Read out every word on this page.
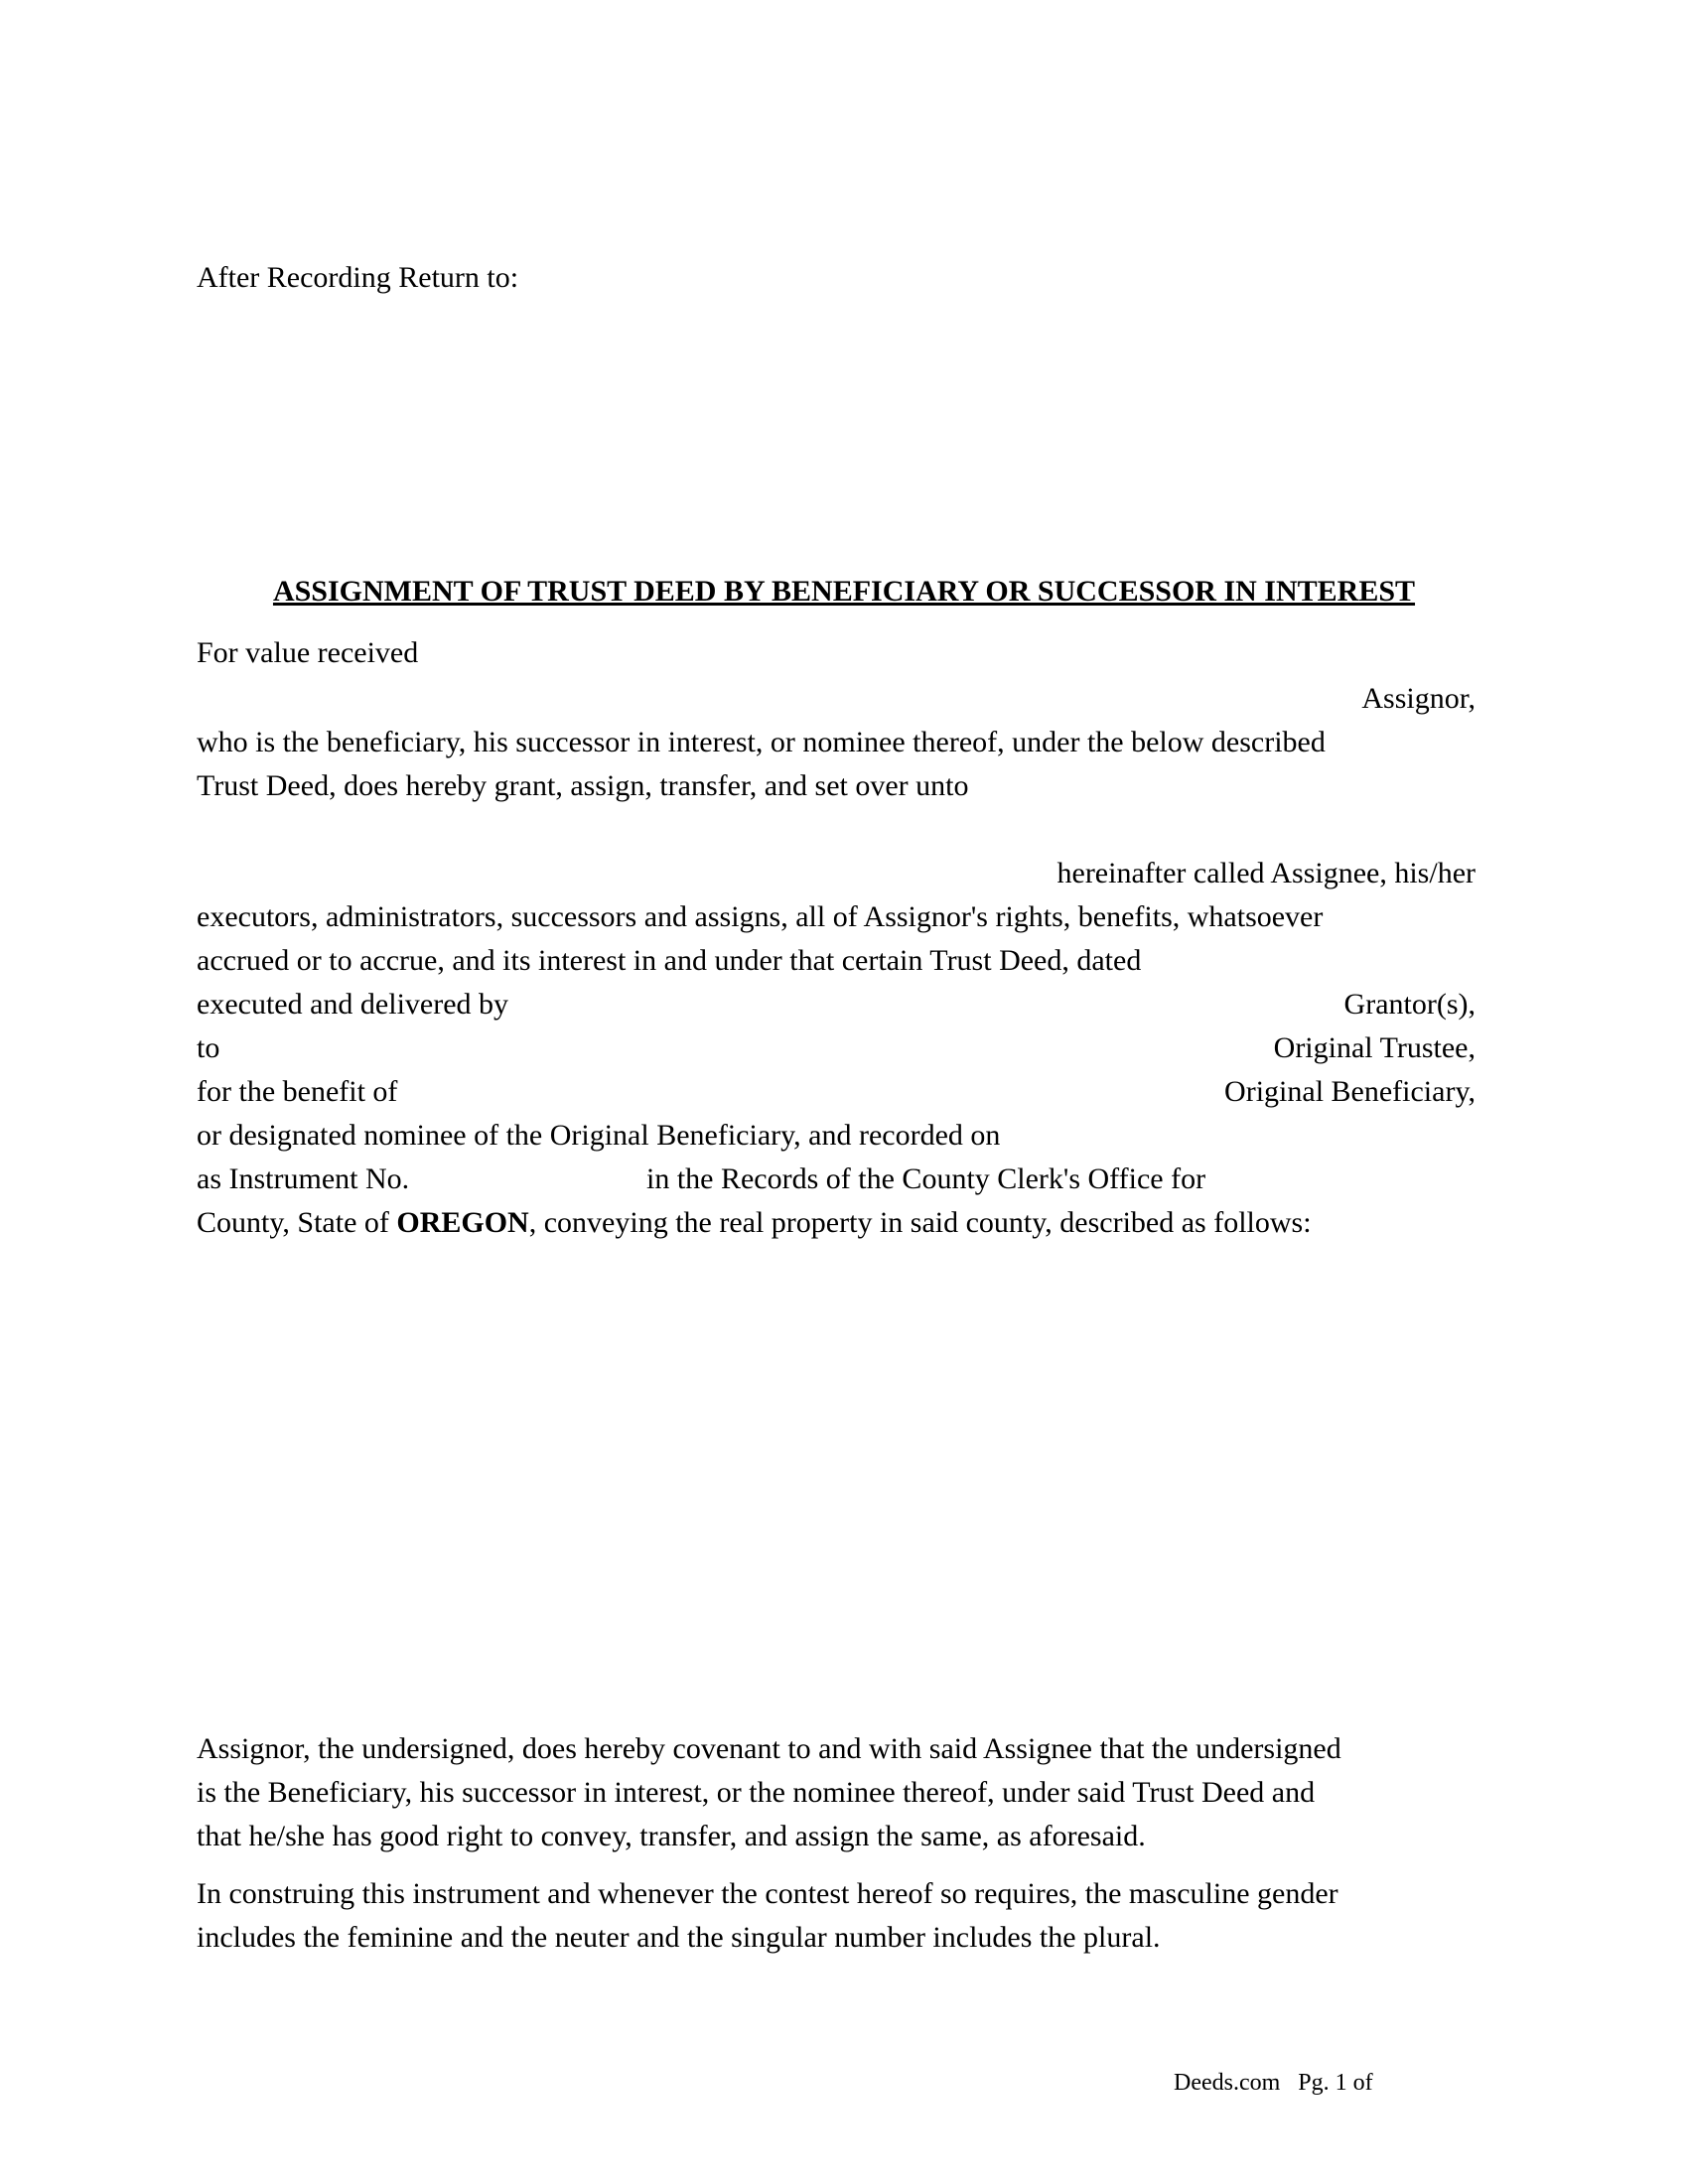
After Recording Return to:
ASSIGNMENT OF TRUST DEED BY BENEFICIARY OR SUCCESSOR IN INTEREST
For value received
Assignor,
who is the beneficiary, his successor in interest, or nominee thereof, under the below described
Trust Deed, does hereby grant, assign, transfer, and set over unto
hereinafter called Assignee, his/her
executors, administrators, successors and assigns, all of Assignor's rights, benefits, whatsoever
accrued or to accrue, and its interest in and under that certain Trust Deed, dated
executed and delivered by	Grantor(s),
to	Original Trustee,
for the benefit of	Original Beneficiary,
or designated nominee of the Original Beneficiary, and recorded on
as Instrument No.	in the Records of the County Clerk's Office for
County, State of OREGON, conveying the real property in said county, described as follows:
Assignor, the undersigned, does hereby covenant to and with said Assignee that the undersigned
is the Beneficiary, his successor in interest, or the nominee thereof, under said Trust Deed and
that he/she has good right to convey, transfer, and assign the same, as aforesaid.
In construing this instrument and whenever the contest hereof so requires, the masculine gender
includes the feminine and the neuter and the singular number includes the plural.
Deeds.com Pg. 1 of
